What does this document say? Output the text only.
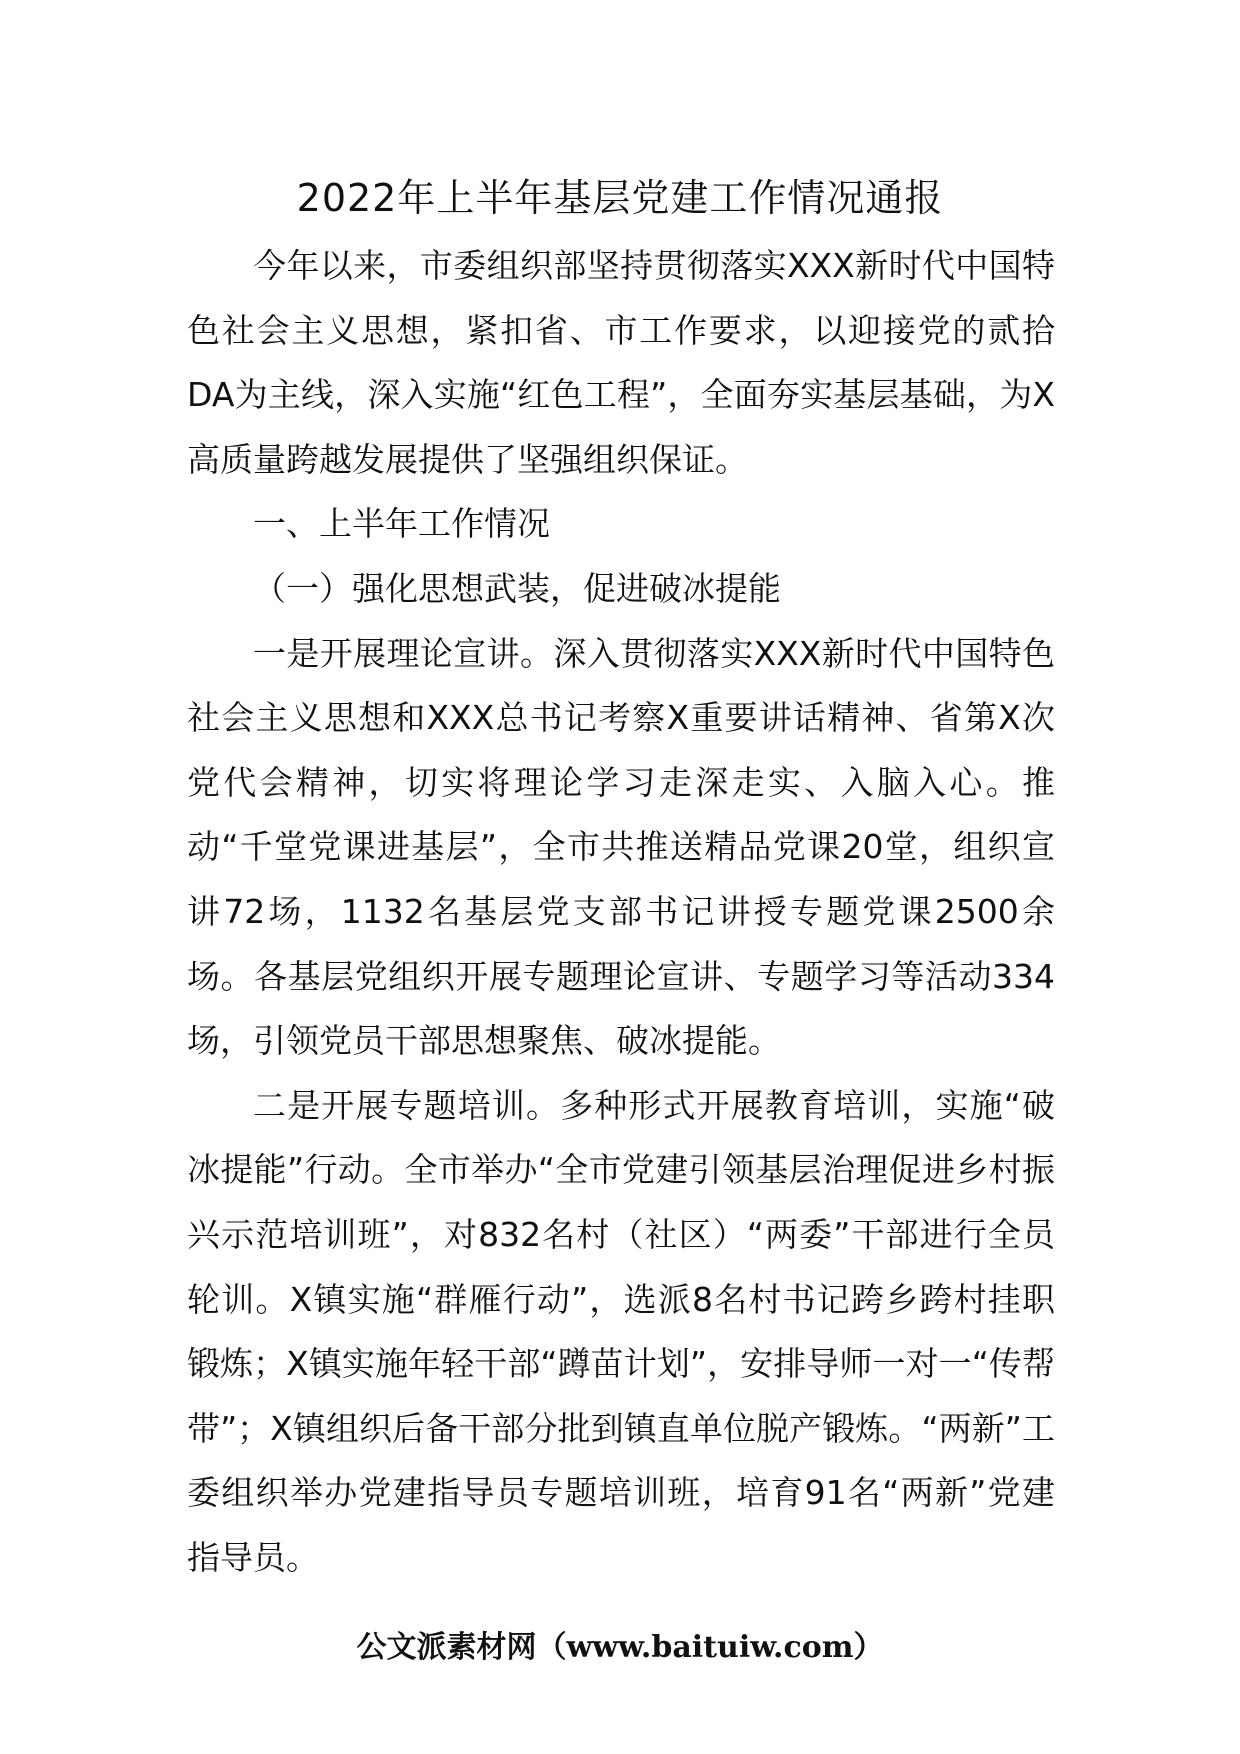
2022年上半年基层党建工作情况通报

今年以来，市委组织部坚持贯彻落实XXX新时代中国特色社会主义思想，紧扣省、市工作要求，以迎接党的贰拾DA为主线，深入实施“红色工程”，全面夯实基层基础，为X高质量跨越发展提供了坚强组织保证。

一、上半年工作情况

（一）强化思想武装，促进破冰提能

一是开展理论宣讲。深入贯彻落实XXX新时代中国特色社会主义思想和XXX总书记考察X重要讲话精神、省第X次党代会精神，切实将理论学习走深走实、入脑入心。推动“千堂党课进基层”，全市共推送精品党课20堂，组织宣讲72场，1132名基层党支部书记讲授专题党课2500余场。各基层党组织开展专题理论宣讲、专题学习等活动334场，引领党员干部思想聚焦、破冰提能。

二是开展专题培训。多种形式开展教育培训，实施“破冰提能”行动。全市举办“全市党建引领基层治理促进乡村振兴示范培训班”，对832名村（社区）“两委”干部进行全员轮训。X镇实施“群雁行动”，选派8名村书记跨乡跨村挂职锻炼；X镇实施年轻干部“蹲苗计划”，安排导师一对一“传帮带”；X镇组织后备干部分批到镇直单位脱产锻炼。“两新”工委组织举办党建指导员专题培训班，培育91名“两新”党建指导员。

公文派素材网（www.baituiw.com）
